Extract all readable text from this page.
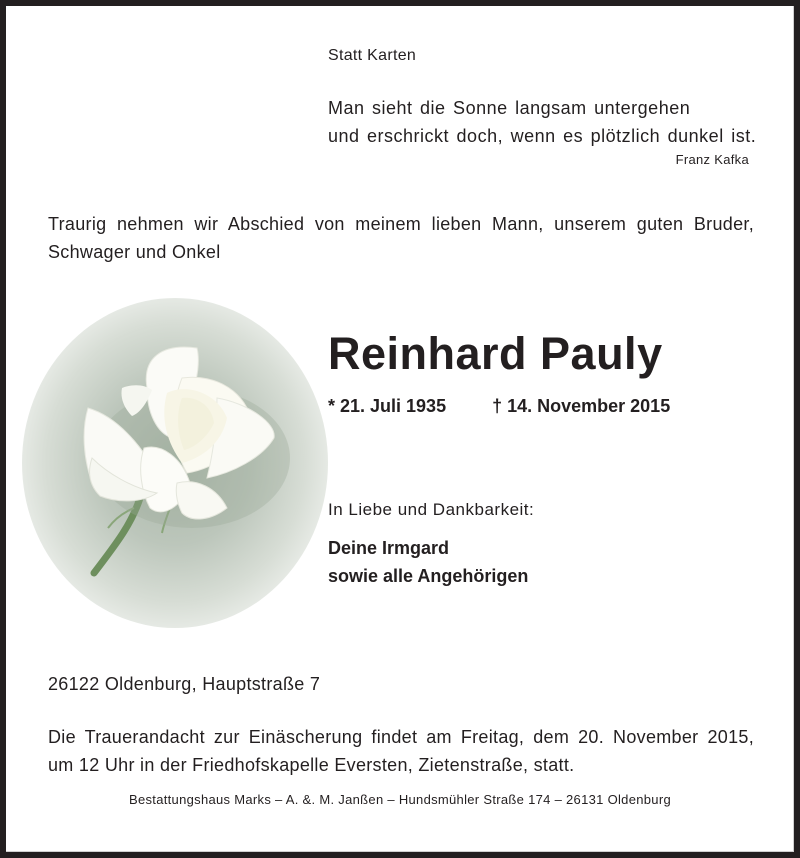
Statt Karten
Man sieht die Sonne langsam untergehen
und erschrickt doch, wenn es plötzlich dunkel ist.
Franz Kafka
Traurig nehmen wir Abschied von meinem lieben Mann, unserem guten Bruder,
Schwager und Onkel
Reinhard Pauly
* 21. Juli 1935	† 14. November 2015
In Liebe und Dankbarkeit:
Deine Irmgard
sowie alle Angehörigen
26122 Oldenburg, Hauptstraße 7
Die Trauerandacht zur Einäscherung findet am Freitag, dem 20. November 2015,
um 12 Uhr in der Friedhofskapelle Eversten, Zietenstraße, statt.
Bestattungshaus Marks – A. &. M. Janßen – Hundsmühler Straße 174 – 26131 Oldenburg
